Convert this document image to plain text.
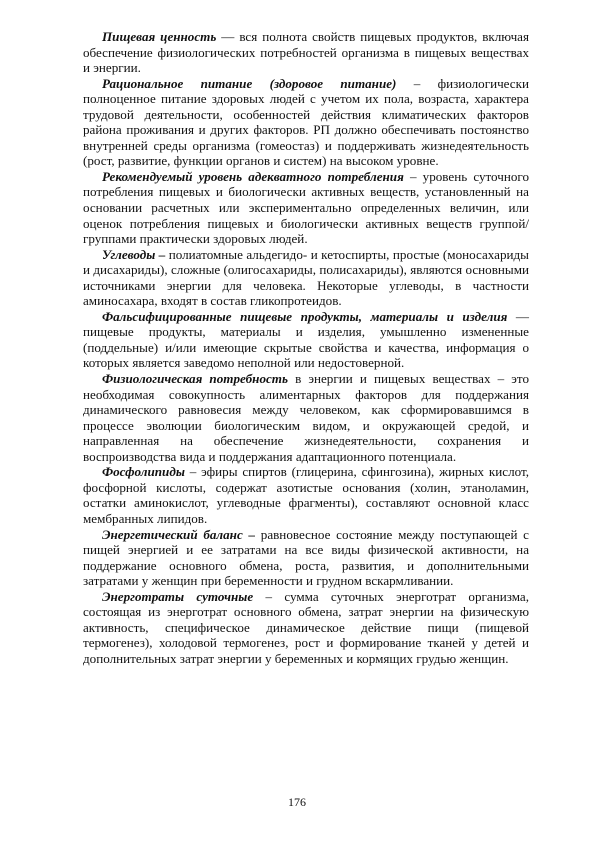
Пищевая ценность — вся полнота свойств пищевых продуктов, включая обеспечение физиологических потребностей организма в пищевых веществах и энергии.

Рациональное питание (здоровое питание) – физиологически полноценное питание здоровых людей с учетом их пола, возраста, характера трудовой деятельности, особенностей действия климатических факторов района проживания и других факторов. РП должно обеспечивать постоянство внутренней среды организма (гомеостаз) и поддерживать жизнедеятельность (рост, развитие, функции органов и систем) на высоком уровне.

Рекомендуемый уровень адекватного потребления – уровень суточного потребления пищевых и биологически активных веществ, установленный на основании расчетных или экспериментально определенных величин, или оценок потребления пищевых и биологически активных веществ группой/группами практически здоровых людей.

Углеводы – полиатомные альдегидо- и кетоспирты, простые (моносахариды и дисахариды), сложные (олигосахариды, полисахариды), являются основными источниками энергии для человека. Некоторые углеводы, в частности аминосахара, входят в состав гликопротеидов.

Фальсифицированные пищевые продукты, материалы и изделия — пищевые продукты, материалы и изделия, умышленно измененные (поддельные) и/или имеющие скрытые свойства и качества, информация о которых является заведомо неполной или недостоверной.

Физиологическая потребность в энергии и пищевых веществах – это необходимая совокупность алиментарных факторов для поддержания динамического равновесия между человеком, как сформировавшимся в процессе эволюции биологическим видом, и окружающей средой, и направленная на обеспечение жизнедеятельности, сохранения и воспроизводства вида и поддержания адаптационного потенциала.

Фосфолипиды – эфиры спиртов (глицерина, сфингозина), жирных кислот, фосфорной кислоты, содержат азотистые основания (холин, этаноламин, остатки аминокислот, углеводные фрагменты), составляют основной класс мембранных липидов.

Энергетический баланс – равновесное состояние между поступающей с пищей энергией и ее затратами на все виды физической активности, на поддержание основного обмена, роста, развития, и дополнительными затратами у женщин при беременности и грудном вскармливании.

Энерготраты суточные – сумма суточных энерготрат организма, состоящая из энерготрат основного обмена, затрат энергии на физическую активность, специфическое динамическое действие пищи (пищевой термогенез), холодовой термогенез, рост и формирование тканей у детей и дополнительных затрат энергии у беременных и кормящих грудью женщин.

176
